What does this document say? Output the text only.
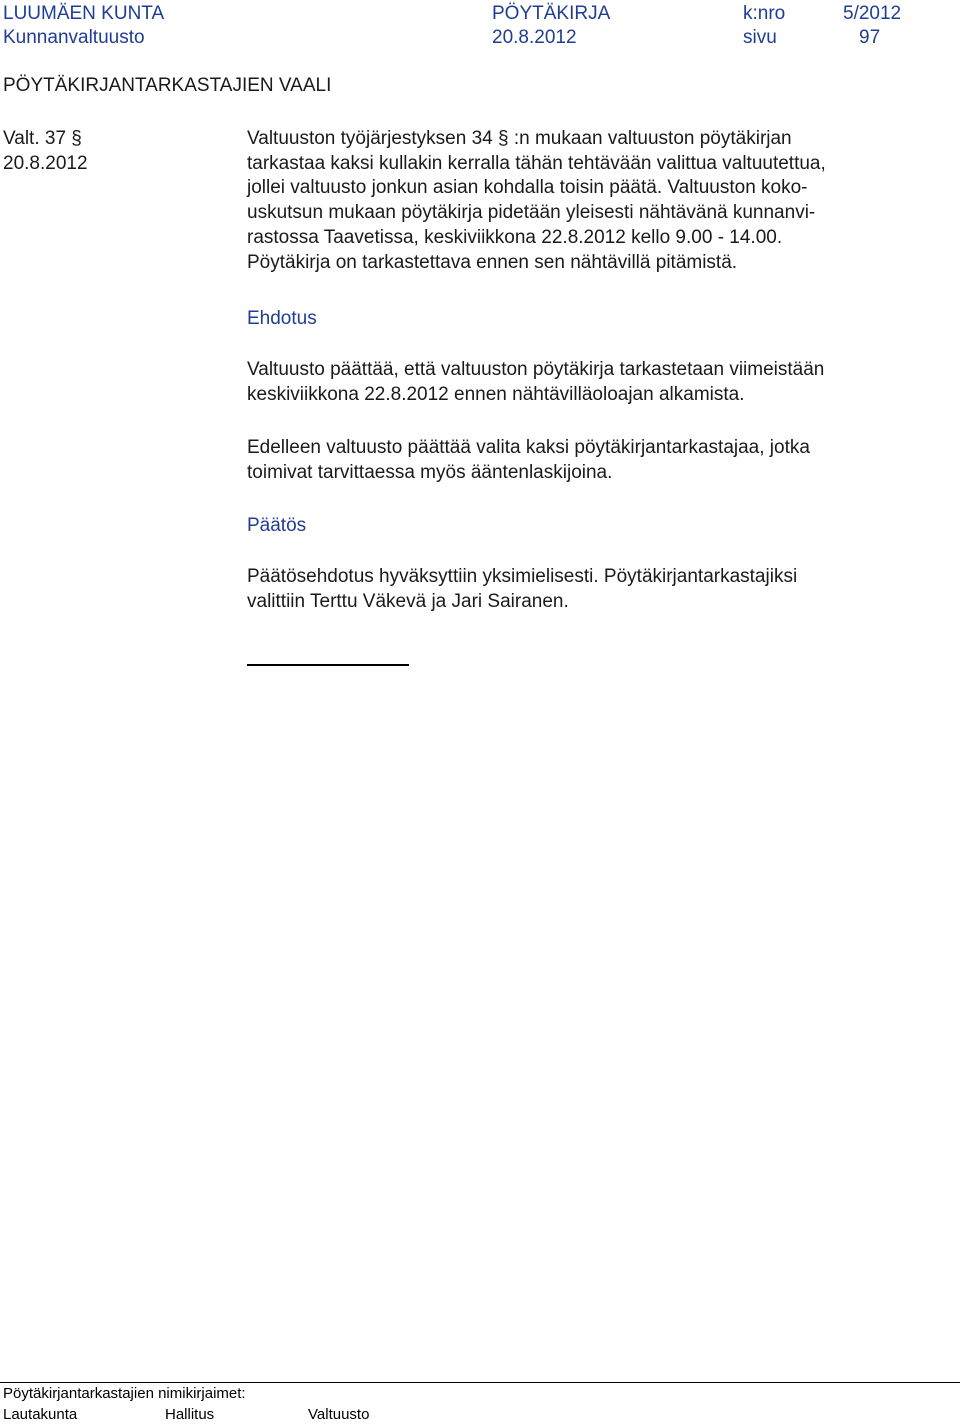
LUUMÄEN KUNTA
Kunnanvaltuusto
PÖYTÄKIRJA
20.8.2012
k:nro
sivu
5/2012
97
PÖYTÄKIRJANTARKASTAJIEN VAALI
Valt. 37 §
20.8.2012
Valtuuston työjärjestyksen 34 § :n mukaan valtuuston pöytäkirjan
tarkastaa kaksi kullakin kerralla tähän tehtävään valittua valtuutettua,
jollei valtuusto jonkun asian kohdalla toisin päätä. Valtuuston koko-
uskutsun mukaan pöytäkirja pidetään yleisesti nähtävänä kunnanvi-
rastossa Taavetissa, keskiviikkona 22.8.2012 kello 9.00 - 14.00.
Pöytäkirja on tarkastettava ennen sen nähtävillä pitämistä.
Ehdotus
Valtuusto päättää, että valtuuston pöytäkirja tarkastetaan viimeistään
keskiviikkona 22.8.2012 ennen nähtävilläoloajan alkamista.
Edelleen valtuusto päättää valita kaksi pöytäkirjantarkastajaa, jotka
toimivat tarvittaessa myös ääntenlaskijoina.
Päätös
Päätösehdotus hyväksyttiin yksimielisesti. Pöytäkirjantarkastajiksi
valittiin Terttu Väkevä ja Jari Sairanen.
Pöytäkirjantarkastajien nimikirjaimet:
Lautakunta	Hallitus	Valtuusto
